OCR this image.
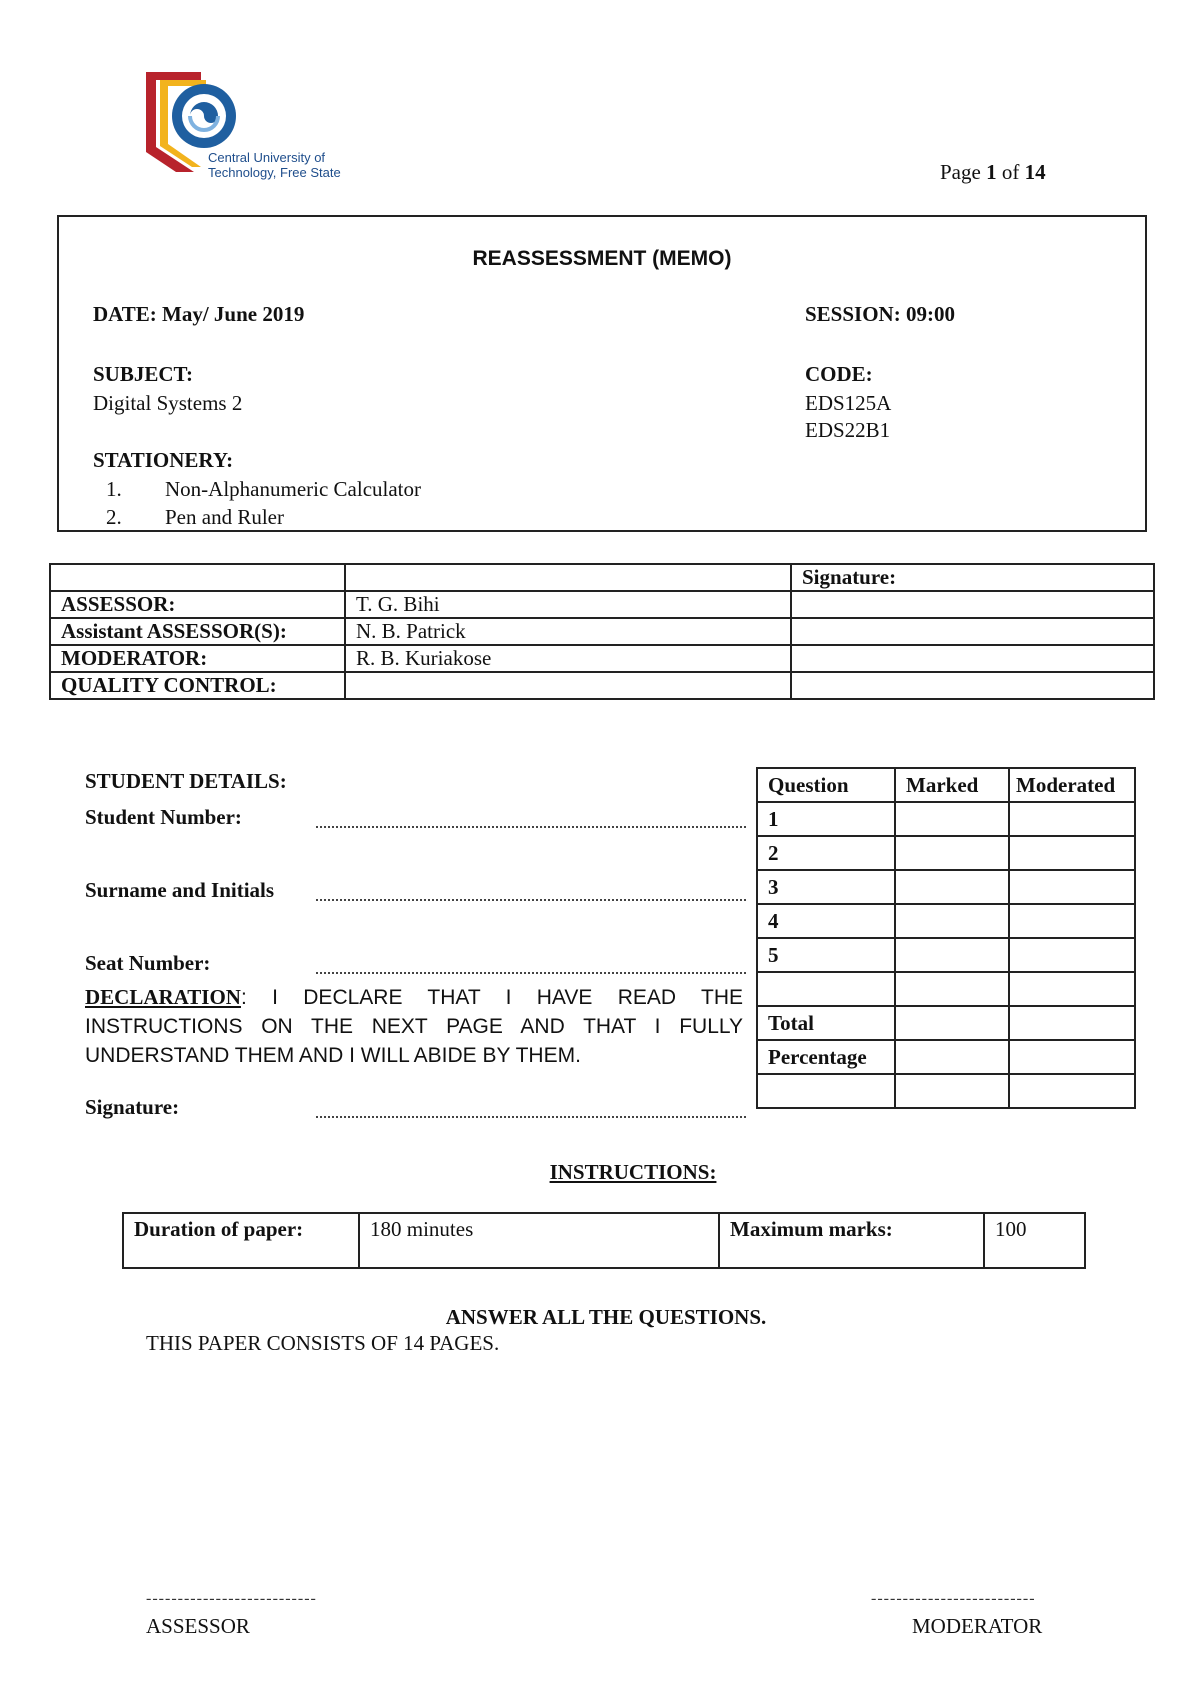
Central University of
Technology, Free State	Page 1 of 14
REASSESSMENT (MEMO)
DATE: May/ June 2019	SESSION: 09:00
SUBJECT:
Digital Systems 2
CODE:
EDS125A
EDS22B1
STATIONERY:
1. Non-Alphanumeric Calculator
2. Pen and Ruler
		Signature:
ASSESSOR:	T. G. Bihi	
Assistant ASSESSOR(S):	N. B. Patrick	
MODERATOR:	R. B. Kuriakose	
QUALITY CONTROL:		
STUDENT DETAILS:
Student Number:
Surname and Initials
Seat Number:
DECLARATION: I DECLARE THAT I HAVE READ THE INSTRUCTIONS ON THE NEXT PAGE AND THAT I FULLY UNDERSTAND THEM AND I WILL ABIDE BY THEM.
Signature:
Question	Marked	Moderated
1		
2		
3		
4		
5		

Total		
Percentage		

INSTRUCTIONS:
Duration of paper:	180 minutes	Maximum marks:	100
ANSWER ALL THE QUESTIONS.
THIS PAPER CONSISTS OF 14 PAGES.
---------------------------
ASSESSOR
--------------------------
MODERATOR
